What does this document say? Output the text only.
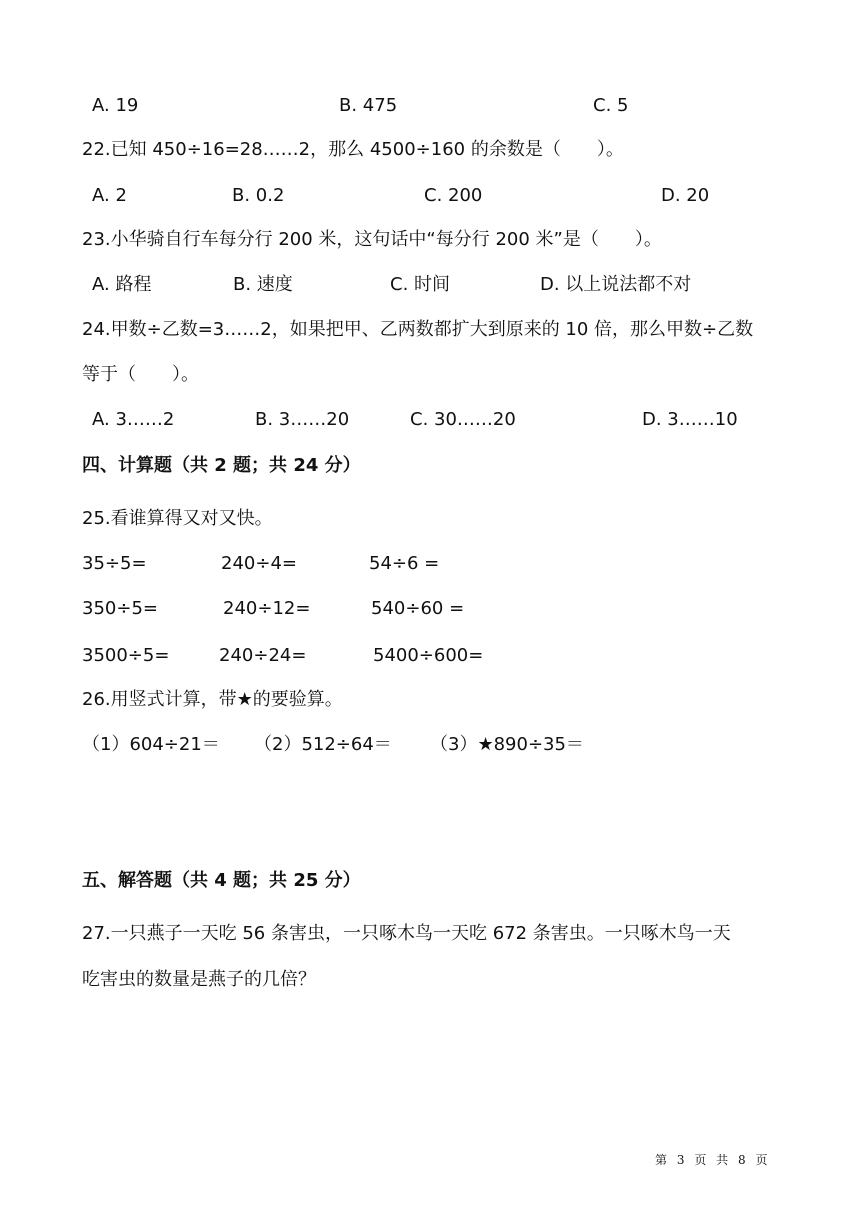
A. 19	B. 475	C. 5
22.已知 450÷16=28……2，那么 4500÷160 的余数是（　　）。
A. 2	B. 0.2	C. 200	D. 20
23.小华骑自行车每分行 200 米，这句话中“每分行 200 米”是（　　）。
A. 路程	B. 速度	C. 时间	D. 以上说法都不对
24.甲数÷乙数=3……2，如果把甲、乙两数都扩大到原来的 10 倍，那么甲数÷乙数
等于（　　）。
A. 3……2	B. 3……20	C. 30……20	D. 3……10
四、计算题（共 2 题；共 24 分）
25.看谁算得又对又快。
35÷5=	240÷4=	54÷6 =
350÷5=	240÷12=	540÷60 =
3500÷5=	240÷24=	5400÷600=
26.用竖式计算，带★的要验算。
（1）604÷21＝ （2）512÷64＝ （3）★890÷35＝
五、解答题（共 4 题；共 25 分）
27.一只燕子一天吃 56 条害虫，一只啄木鸟一天吃 672 条害虫。一只啄木鸟一天
吃害虫的数量是燕子的几倍？
第 3 页 共 8 页
